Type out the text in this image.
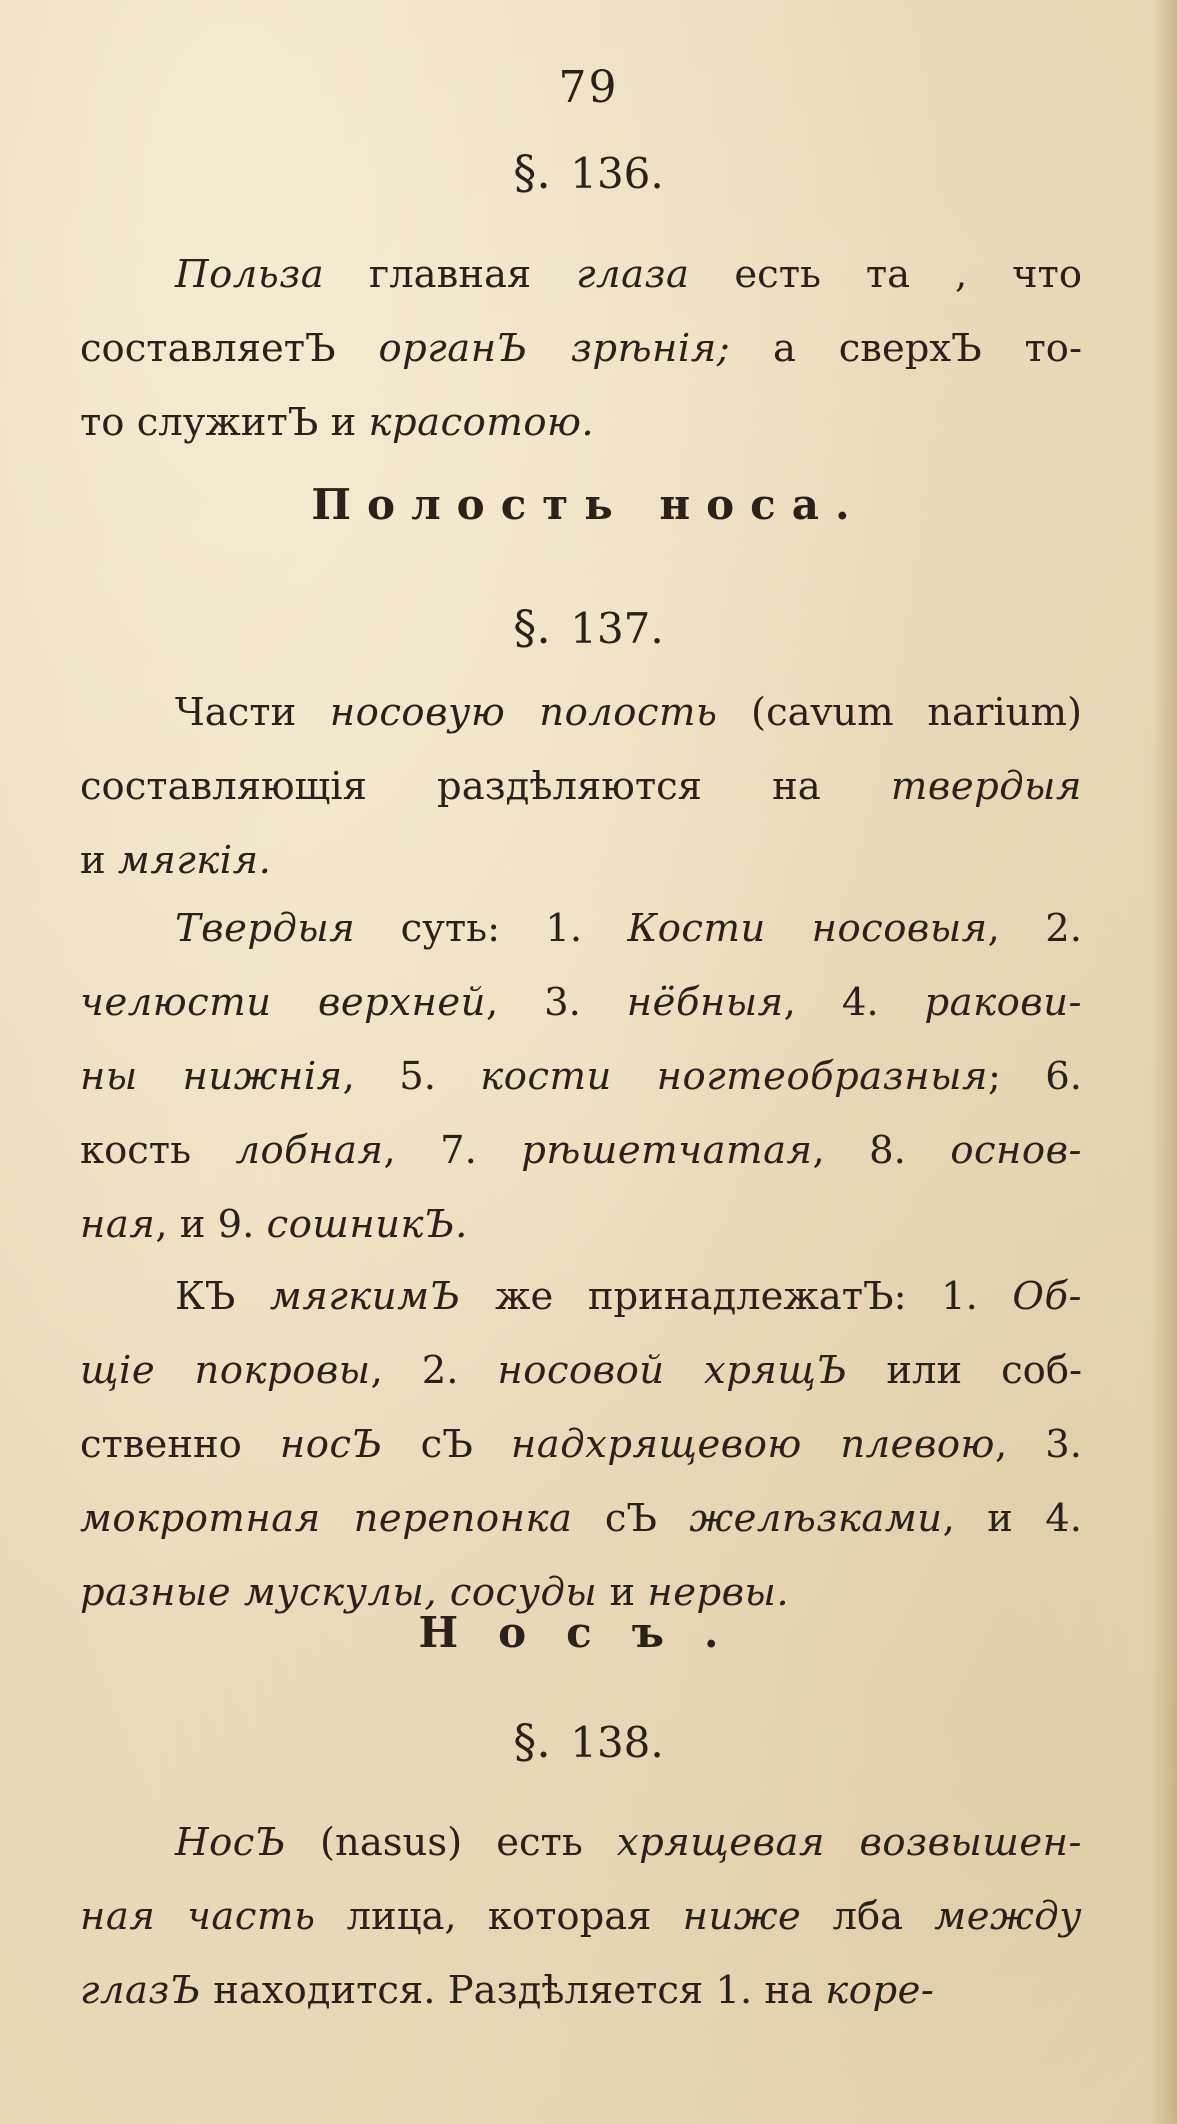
79
§. 136.
Польза главная глаза есть та , что
составляетЪ органЪ зрѣнія; а сверхЪ то-
то служитЪ и красотою.
Полость носа.
§. 137.
Части носовую полость (cavum narium)
составляющія раздѣляются на твердыя
и мягкія.
Твердыя суть: 1. Кости носовыя, 2.
челюсти верхней, 3. нёбныя, 4. ракови-
ны нижнія, 5. кости ногтеобразныя; 6.
кость лобная, 7. рѣшетчатая, 8. основ-
ная, и 9. сошникЪ.
КЪ мягкимЪ же принадлежатЪ: 1. Об-
щіе покровы, 2. носовой хрящЪ или соб-
ственно носЪ сЪ надхрящевою плевою, 3.
мокротная перепонка сЪ желѣзками, и 4.
разные мускулы, сосуды и нервы.
Носъ.
§. 138.
НосЪ (nasus) есть хрящевая возвышен-
ная часть лица, которая ниже лба между
глазЪ находится. Раздѣляется 1. на коре-
